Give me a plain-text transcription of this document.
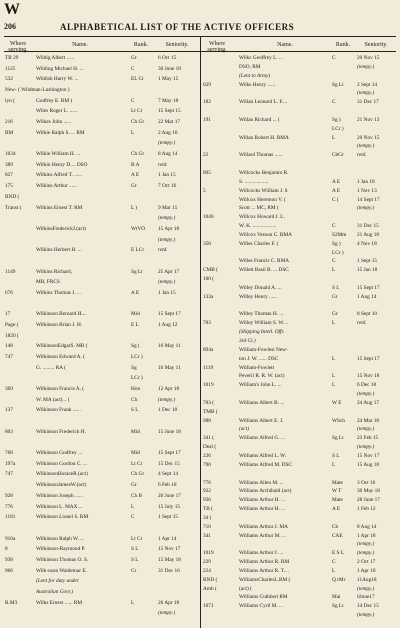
W
206	ALPHABETICAL LIST OF THE ACTIVE OFFICERS
Where serving.
Name.	Rank.	Seniority.	Where serving.
Name.	Rank.	Seniority.
TB 29	Wildig Albert ......	Gr	6 Oct 15
1125	Wilding Michael H. ...	C	30 June 18
532	Wildish Harry W. ...	EL Cr	1 May 15
New- ( Wildman-Lushington )
lyn (	Godfrey E. RM )	C	7 May 18
Wiles Roger L. ......	Lt Cr	15 Sept 15
216	Wilkes John ......	Ch Gr	22 Mar 17
RM	Wilkie Ralph S. ... RM	L	2 Aug 16
(tempy.)
1034	Wilkie William H. ...	Ch Gr	8 Aug 14
389	Wilkin Henry D.... DSO	R A	retd.
827	Wilkins Alfred T. ......	A E	1 Jan 15
175	Wilkins Arthur ......	Gr	7 Oct 16
RND (
Transt (	Wilkins Ernest T. RM	L )	9 Mar 15
(tempy.)
WilkinsFrederickJ.(act)	WtVO 15 Apr 18
(tempy.)
Wilkins Herbert H. ...	E LCr	retd.
1149	Wilkins Richard,	Sg Lt	25 Apr 17
MB, FRCS	(tempy.)
676	Wilkins Thomas J. ...	A E	1 Jan 15
17	Wilkinson Bernard H....	Mid	15 Sept 17
Page (	Wilkinson Brian J. H.	E L	1 Aug 12
1820 (
148	WilkinsonEdgarS. MB (	Sg (	16 May 11
747	Wilkinson Edward A. (	LCr )
G. ......... RA (	Sg	16 May 11
LCr )
369	Wilkinson Francis A. (	Hon	12 Apr 18
W. MA (act)... (	Ch	(tempy.)
137	Wilkinson Frank ......	S L	1 Dec 18
803	Wilkinson Frederick H.	Mid	15 June 18
768	Wilkinson Godfrey ...	Mid	15 Sept 17
197a	Wilkinson Gordon C. ...	Lt Cr	15 Dec 15
747	WilkinsonHoraceR.(act)	Ch Gr	4 Sept 14
WilkinsonJamesW.(act)	Gr	6 Feb 18
928	Wilkinson Joseph ......	Ch B	26 June 17
776	Wilkinson L. MAX ...	L	15 July 15
1181	Wilkinson Lionel S. RM	C	1 Sept 15
916a	Wilkinson Ralph W. ...	Lt Cr	1 Apr 14
8	Wilkinson-Raymond P.	S L	15 Nov 17
938	Wilkinson Thomas O. S.	S L	15 May 18
966	Wilk-nson Waldemar E.	Cr	31 Dec 16
(Lent for duty under
Australian Govt.)
R.M3	Wilks Ernest ...... RM	L	26 Apr 18
(tempy.)
Wilks Geoffrey L. ...	C	20 Nov 15
DSO, RM	(tempy.)
(Lent to Army)
629	Wilks Henry ......	Sg Lt	2 Sept 14
(tempy.)
182	Willan Leonard L. F....	C	31 Dec 17
191	Willan Richard ... (	Sg )	21 Nov 13
LCr )
Willan Robert H. RMA	L	20 Nov 15
(tempy.)
22	Willard Thomas ......	ChGr retd.
895	Willcocks Benjamin R.
S. ..................	A E	1 Jan 18
5	Willcocks William J. S	A E	1 Nov 13
Willcox Heremon V. (	C (	14 Sept 17
Scott ... MC, RM (	(tempy.)
1040	Willcox Howard J. L.
W. K. ..................	C	31 Dec 15
Willcox Vernon C. RMA	S2Mm 21 Aug 18
358	Willes Charles F. (	Sg )	4 Nov 18
LCr )
Willes Francis C. RMA	C	1 Sept 15
CMB (	Willett Basil R. ... DSC	L	15 Jan 18
100 (
Willey Donald A. ...	S L	15 Sept 17
133a	Willey Henry ......	Gr	1 Aug 14
Willey Thomas H. ...	Gr	8 Sept 10
703	Willey William S. W....	L	retd.
(Shipping Intell. Offr.
3rd Cl.)
894a	William-Fowlest New-
ton J. W. ...... DSC	L	15 Sept 17
1119	William-Fowlett
Peveril R. R. W. (act)	L	15 Nov 18
1019	William's John L. ...	L	6 Dec 18
(tempy.)
703 (	Williams Albert B. ...	W E	24 Aug 17
TMB (
988	Williams Albert E. J.	WSch 24 Mar 18
(act)	(tempy.)
341 (	Williams Alfred G. ...	Sg Lt	23 Feb 15
Deal (	(tempy.)
226	Williams Alfred L. W.	S L	15 Nov 17
790	Williams Alfred M. DSC	L	15 Aug 18
776	Williams Allen M. ...	Mate	3 Oct 16
922	Williams Archibald (act)	W T	30 May 18
936	Williams Arthur H. ...	Mate	28 June 17
TB (	Williams Arthur H. ...	A E	1 Feb 12
34 (
710	Williams Arthur J. MA	Ch	8 Aug 14
341	Williams Arthur M. ...	CAE	1 Apr 18
(tempy.)
1019	Williams Arthur J. ...	E S L (tempy.)
229	Williams Arthur R. RM	C	2 Oct 17
224	Williams Arthur R. T....	L	1 Apr 18
RND (	WilliamsCharlesL.RM (	Q rMr 11Aug18
Amb (	(act) (	(tempy.)
Williams Cuthbert RM	Mai	6June17
1071	Williams Cyril M. ...	Sg Lt	14 Dec 15
(tempy.)
